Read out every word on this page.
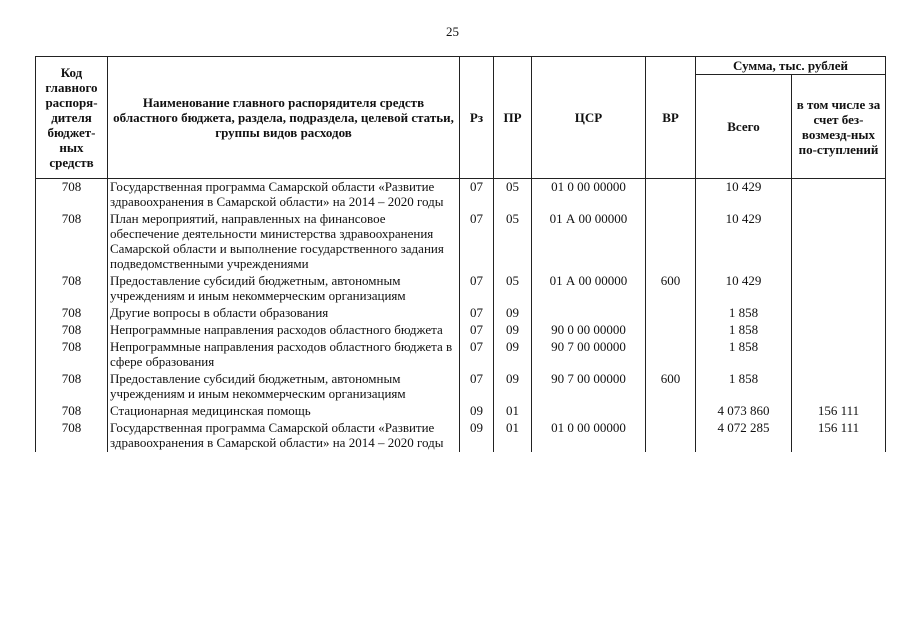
25
Код главного распоря-дителя бюджет-ных средств	Наименование главного распорядителя средств областного бюджета, раздела, подраздела, целевой статьи, группы видов расходов	Рз	ПР	ЦСР	ВР	Сумма, тыс. рублей	
						Всего	в том числе за счет без-возмезд-ных по-ступлений
708	Государственная программа Самарской области «Развитие здравоохранения в Самарской области» на 2014 – 2020 годы	07	05	01 0 00 00000		10 429	
708	План мероприятий, направленных на финансовое обеспечение деятельности министерства здравоохранения Самарской области и выполнение государственного задания подведомственными учреждениями	07	05	01 А 00 00000		10 429	
708	Предоставление субсидий бюджетным, автономным учреждениям и иным некоммерческим организациям	07	05	01 А 00 00000	600	10 429	
708	Другие вопросы в области образования	07	09			1 858	
708	Непрограммные направления расходов областного бюджета	07	09	90 0 00 00000		1 858	
708	Непрограммные направления расходов областного бюджета в сфере образования	07	09	90 7 00 00000		1 858	
708	Предоставление субсидий бюджетным, автономным учреждениям и иным некоммерческим организациям	07	09	90 7 00 00000	600	1 858	
708	Стационарная медицинская помощь	09	01			4 073 860	156 111
708	Государственная программа Самарской области «Развитие здравоохранения в Самарской области» на 2014 – 2020 годы	09	01	01 0 00 00000		4 072 285	156 111
